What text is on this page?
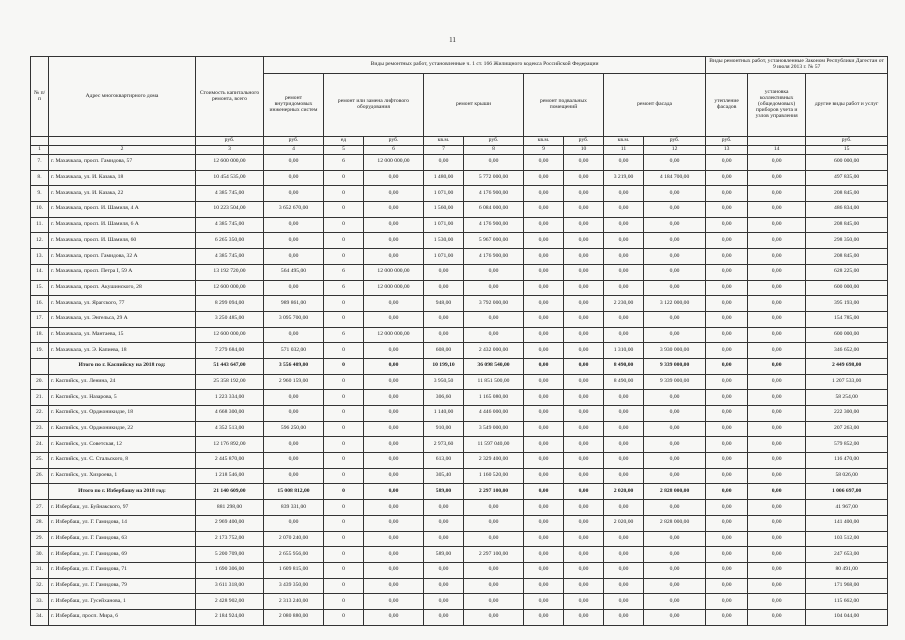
11
№ п/п	Адрес многоквартирного дома	Стоимость капитального ремонта, всего	Виды ремонтных работ, установленные ч. 1 ст. 166 Жилищного кодекса Российской Федерации									Виды ремонтных работ, установленные Законом Республики Дагестан от 9 июля 2013 г. № 57		
			ремонт внутридомовых инженерных систем	ремонт или замена лифтового оборудования		ремонт крыши		ремонт подвальных помещений		ремонт фасада		утепление фасадов	установка коллективных (общедомовых) приборов учета и узлов управления	другие виды работ и услуг
		руб.	руб.	ед	руб.	кв.м.	руб.	кв.м.	руб.	кв.м.	руб.	руб.		руб.
1	2	3	4	5	6	7	8	9	10	11	12	13	14	15
7.	г. Махачкала, просп. Гамидова, 57	12 600 000,00	0,00	6	12 000 000,00	0,00	0,00	0,00	0,00	0,00	0,00	0,00	0,00	600 000,00
8.	г. Махачкала, ул. И. Казака, 18	10 454 535,00	0,00	0	0,00	1 480,00	5 772 000,00	0,00	0,00	3 219,00	4 184 700,00	0,00	0,00	497 835,00
9.	г. Махачкала, ул. И. Казака, 22	4 385 745,00	0,00	0	0,00	1 071,00	4 176 900,00	0,00	0,00	0,00	0,00	0,00	0,00	208 845,00
10.	г. Махачкала, просп. И. Шамиля, 4 А	10 223 504,00	3 652 670,00	0	0,00	1 560,00	6 084 000,00	0,00	0,00	0,00	0,00	0,00	0,00	486 834,00
11.	г. Махачкала, просп. И. Шамиля, 6 А	4 385 745,00	0,00	0	0,00	1 071,00	4 176 900,00	0,00	0,00	0,00	0,00	0,00	0,00	208 845,00
12.	г. Махачкала, просп. И. Шамиля, 60	6 265 350,00	0,00	0	0,00	1 530,00	5 967 000,00	0,00	0,00	0,00	0,00	0,00	0,00	298 350,00
13.	г. Махачкала, просп. Гамидова, 32 А	4 385 745,00	0,00	0	0,00	1 071,00	4 176 900,00	0,00	0,00	0,00	0,00	0,00	0,00	208 845,00
14.	г. Махачкала, просп. Петра I, 59 А	13 192 720,00	564 495,00	6	12 000 000,00	0,00	0,00	0,00	0,00	0,00	0,00	0,00	0,00	628 225,00
15.	г. Махачкала, просп. Акушинского, 28	12 600 000,00	0,00	6	12 000 000,00	0,00	0,00	0,00	0,00	0,00	0,00	0,00	0,00	600 000,00
16.	г. Махачкала, ул. Ярагского, 77	8 299 094,00	989 861,00	0	0,00	948,00	3 792 000,00	0,00	0,00	2 230,00	3 122 000,00	0,00	0,00	395 193,00
17.	г. Махачкала, ул. Энгельса, 29 А	3 250 485,00	3 095 700,00	0	0,00	0,00	0,00	0,00	0,00	0,00	0,00	0,00	0,00	154 785,00
18.	г. Махачкала, ул. Мантаева, 15	12 600 000,00	0,00	6	12 000 000,00	0,00	0,00	0,00	0,00	0,00	0,00	0,00	0,00	600 000,00
19.	г. Махачкала, ул. Э. Капиева, 18	7 279 684,00	571 032,00	0	0,00	608,00	2 432 000,00	0,00	0,00	1 310,00	3 930 000,00	0,00	0,00	346 652,00
	Итого по г. Каспийску на 2018 год:	51 443 647,00	3 556 409,00	0	0,00	10 199,10	36 098 540,00	0,00	0,00	8 490,00	9 339 000,00	0,00	0,00	2 449 698,00
20.	г. Каспийск, ул. Ленина, 24	25 358 192,00	2 960 159,00	0	0,00	3 950,50	11 851 500,00	0,00	0,00	8 490,00	9 339 000,00	0,00	0,00	1 207 533,00
21.	г. Каспийск, ул. Назарова, 5	1 223 334,00	0,00	0	0,00	306,60	1 165 080,00	0,00	0,00	0,00	0,00	0,00	0,00	58 254,00
22.	г. Каспийск, ул. Орджоникидзе, 18	4 668 300,00	0,00	0	0,00	1 140,00	4 446 000,00	0,00	0,00	0,00	0,00	0,00	0,00	222 300,00
23.	г. Каспийск, ул. Орджоникидзе, 22	4 352 513,00	596 250,00	0	0,00	910,00	3 549 000,00	0,00	0,00	0,00	0,00	0,00	0,00	207 263,00
24.	г. Каспийск, ул. Советская, 12	12 176 892,00	0,00	0	0,00	2 973,60	11 597 040,00	0,00	0,00	0,00	0,00	0,00	0,00	579 852,00
25.	г. Каспийск, ул. С. Стальского, 8	2 445 870,00	0,00	0	0,00	613,00	2 329 400,00	0,00	0,00	0,00	0,00	0,00	0,00	116 470,00
26.	г. Каспийск, ул. Хизроева, 1	1 218 546,00	0,00	0	0,00	305,40	1 160 520,00	0,00	0,00	0,00	0,00	0,00	0,00	58 026,00
	Итого по г. Избербашу на 2018 год:	21 140 609,00	15 008 812,00	0	0,00	589,00	2 297 100,00	0,00	0,00	2 020,00	2 828 000,00	0,00	0,00	1 006 697,00
27.	г. Избербаш, ул. Буйнакского, 97	881 298,00	839 331,00	0	0,00	0,00	0,00	0,00	0,00	0,00	0,00	0,00	0,00	41 967,00
28.	г. Избербаш, ул. Г. Гамидова, 14	2 969 400,00	0,00	0	0,00	0,00	0,00	0,00	0,00	2 020,00	2 828 000,00	0,00	0,00	141 400,00
29.	г. Избербаш, ул. Г. Гамидова, 63	2 173 752,00	2 070 240,00	0	0,00	0,00	0,00	0,00	0,00	0,00	0,00	0,00	0,00	103 512,00
30.	г. Избербаш, ул. Г. Гамидова, 69	5 200 709,00	2 655 956,00	0	0,00	589,00	2 297 100,00	0,00	0,00	0,00	0,00	0,00	0,00	247 653,00
31.	г. Избербаш, ул. Г. Гамидова, 71	1 690 306,00	1 609 815,00	0	0,00	0,00	0,00	0,00	0,00	0,00	0,00	0,00	0,00	80 491,00
32.	г. Избербаш, ул. Г. Гамидова, 79	3 611 318,00	3 439 350,00	0	0,00	0,00	0,00	0,00	0,00	0,00	0,00	0,00	0,00	171 968,00
33.	г. Избербаш, ул. Гусейханова, 1	2 428 902,00	2 313 240,00	0	0,00	0,00	0,00	0,00	0,00	0,00	0,00	0,00	0,00	115 662,00
34.	г. Избербаш, просп. Мира, 6	2 184 924,00	2 080 880,00	0	0,00	0,00	0,00	0,00	0,00	0,00	0,00	0,00	0,00	104 044,00
